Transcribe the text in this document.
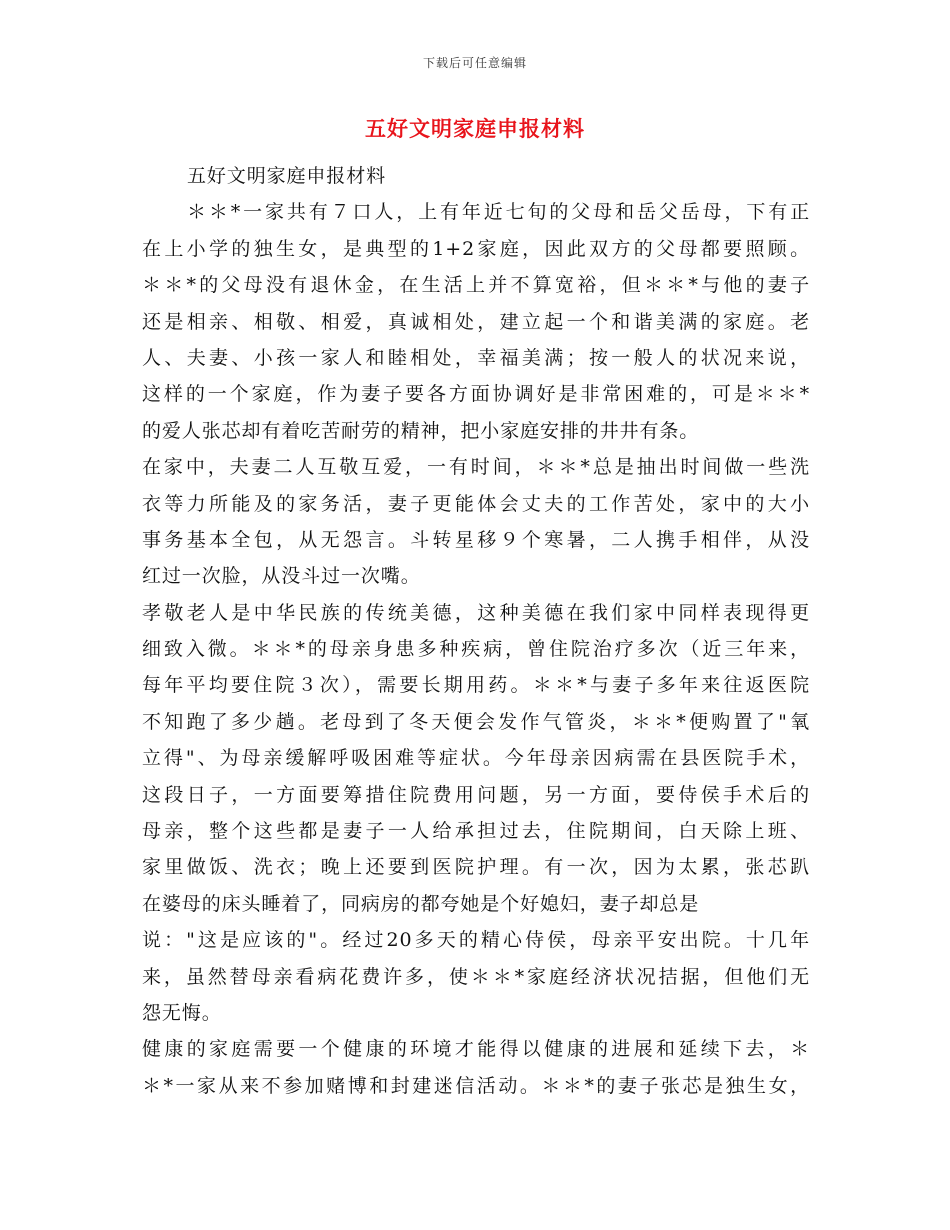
下载后可任意编辑
五好文明家庭申报材料
五好文明家庭申报材料
＊＊*一家共有７口人，上有年近七旬的父母和岳父岳母，下有正
在上小学的独生女，是典型的1+2家庭，因此双方的父母都要照顾。
＊＊*的父母没有退休金，在生活上并不算宽裕，但＊＊*与他的妻子
还是相亲、相敬、相爱，真诚相处，建立起一个和谐美满的家庭。老
人、夫妻、小孩一家人和睦相处，幸福美满；按一般人的状况来说，
这样的一个家庭，作为妻子要各方面协调好是非常困难的，可是＊＊*
的爱人张芯却有着吃苦耐劳的精神，把小家庭安排的井井有条。
在家中，夫妻二人互敬互爱，一有时间，＊＊*总是抽出时间做一些洗
衣等力所能及的家务活，妻子更能体会丈夫的工作苦处，家中的大小
事务基本全包，从无怨言。斗转星移９个寒暑，二人携手相伴，从没
红过一次脸，从没斗过一次嘴。
孝敬老人是中华民族的传统美德，这种美德在我们家中同样表现得更
细致入微。＊＊*的母亲身患多种疾病，曾住院治疗多次（近三年来，
每年平均要住院３次），需要长期用药。＊＊*与妻子多年来往返医院
不知跑了多少趟。老母到了冬天便会发作气管炎，＊＊*便购置了"氧
立得"、为母亲缓解呼吸困难等症状。今年母亲因病需在县医院手术，
这段日子，一方面要筹措住院费用问题，另一方面，要侍侯手术后的
母亲，整个这些都是妻子一人给承担过去，住院期间，白天除上班、
家里做饭、洗衣；晚上还要到医院护理。有一次，因为太累，张芯趴
在婆母的床头睡着了，同病房的都夸她是个好媳妇，妻子却总是
说："这是应该的"。经过20多天的精心侍侯，母亲平安出院。十几年
来，虽然替母亲看病花费许多，使＊＊*家庭经济状况拮据，但他们无
怨无悔。
健康的家庭需要一个健康的环境才能得以健康的进展和延续下去，＊
＊*一家从来不参加赌博和封建迷信活动。＊＊*的妻子张芯是独生女，
